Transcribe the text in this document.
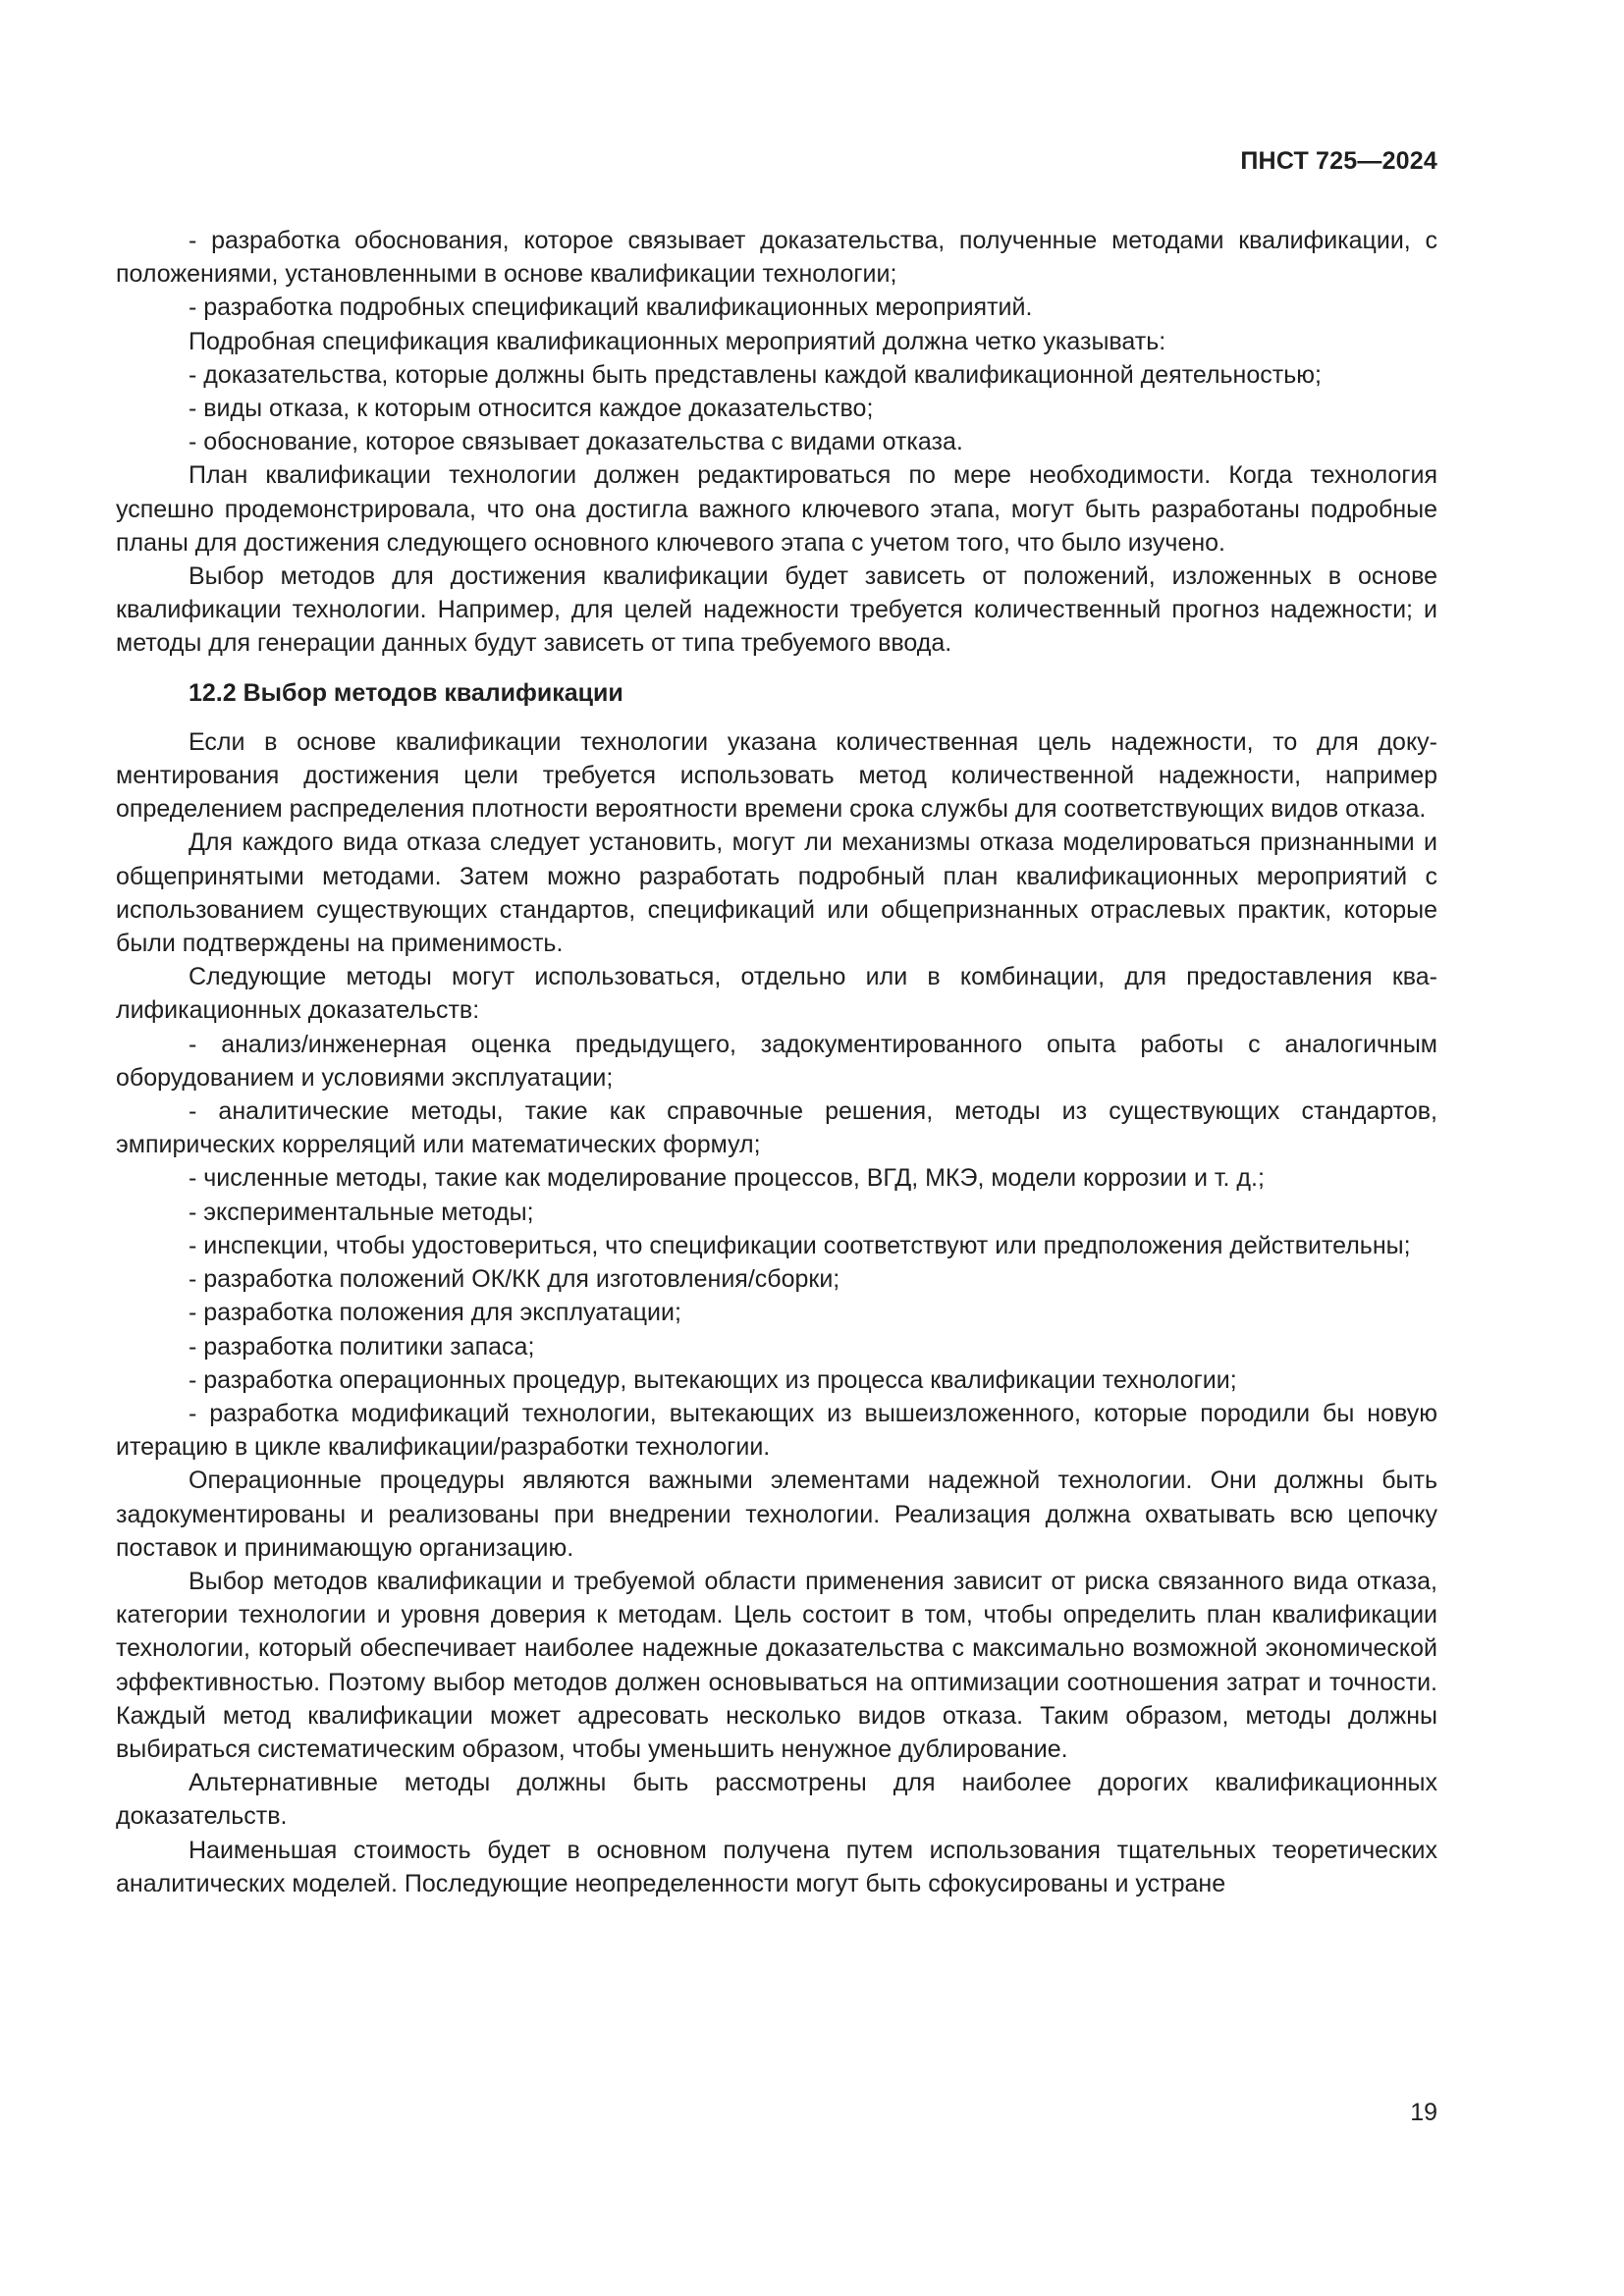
ПНСТ 725—2024

- разработка обоснования, которое связывает доказательства, полученные методами квалификации, с положениями, установленными в основе квалификации технологии;

- разработка подробных спецификаций квалификационных мероприятий.

Подробная спецификация квалификационных мероприятий должна четко указывать:

- доказательства, которые должны быть представлены каждой квалификационной деятельностью;

- виды отказа, к которым относится каждое доказательство;

- обоснование, которое связывает доказательства с видами отказа.

План квалификации технологии должен редактироваться по мере необходимости. Когда технология успешно продемонстрировала, что она достигла важного ключевого этапа, могут быть разработаны подробные планы для достижения следующего основного ключевого этапа с учетом того, что было изучено.

Выбор методов для достижения квалификации будет зависеть от положений, изложенных в основе квалификации технологии. Например, для целей надежности требуется количественный прогноз надежности; и методы для генерации данных будут зависеть от типа требуемого ввода.

12.2 Выбор методов квалификации

Если в основе квалификации технологии указана количественная цель надежности, то для документирования достижения цели требуется использовать метод количественной надежности, например определением распределения плотности вероятности времени срока службы для соответствующих видов отказа.

Для каждого вида отказа следует установить, могут ли механизмы отказа моделироваться признанными и общепринятыми методами. Затем можно разработать подробный план квалификационных мероприятий с использованием существующих стандартов, спецификаций или общепризнанных отраслевых практик, которые были подтверждены на применимость.

Следующие методы могут использоваться, отдельно или в комбинации, для предоставления квалификационных доказательств:

- анализ/инженерная оценка предыдущего, задокументированного опыта работы с аналогичным оборудованием и условиями эксплуатации;

- аналитические методы, такие как справочные решения, методы из существующих стандартов, эмпирических корреляций или математических формул;

- численные методы, такие как моделирование процессов, ВГД, МКЭ, модели коррозии и т. д.;

- экспериментальные методы;

- инспекции, чтобы удостовериться, что спецификации соответствуют или предположения действительны;

- разработка положений ОК/КК для изготовления/сборки;

- разработка положения для эксплуатации;

- разработка политики запаса;

- разработка операционных процедур, вытекающих из процесса квалификации технологии;

- разработка модификаций технологии, вытекающих из вышеизложенного, которые породили бы новую итерацию в цикле квалификации/разработки технологии.

Операционные процедуры являются важными элементами надежной технологии. Они должны быть задокументированы и реализованы при внедрении технологии. Реализация должна охватывать всю цепочку поставок и принимающую организацию.

Выбор методов квалификации и требуемой области применения зависит от риска связанного вида отказа, категории технологии и уровня доверия к методам. Цель состоит в том, чтобы определить план квалификации технологии, который обеспечивает наиболее надежные доказательства с максимально возможной экономической эффективностью. Поэтому выбор методов должен основываться на оптимизации соотношения затрат и точности. Каждый метод квалификации может адресовать несколько видов отказа. Таким образом, методы должны выбираться систематическим образом, чтобы уменьшить ненужное дублирование.

Альтернативные методы должны быть рассмотрены для наиболее дорогих квалификационных доказательств.

Наименьшая стоимость будет в основном получена путем использования тщательных теоретических аналитических моделей. Последующие неопределенности могут быть сфокусированы и устране

19
